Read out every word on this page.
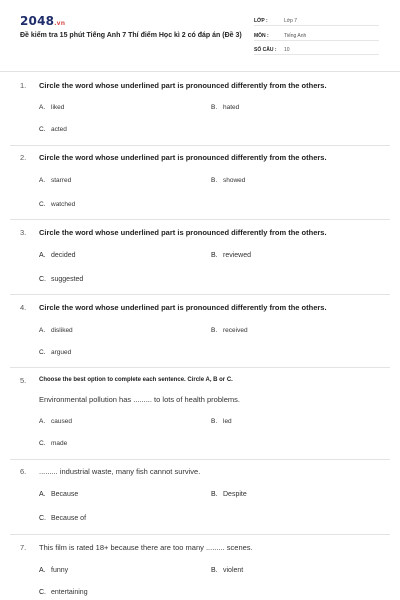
2048.vn
Đề kiểm tra 15 phút Tiếng Anh 7 Thí điểm Học kì 2 có đáp án (Đề 3)
LỚP :	Lớp 7
MÔN :	Tiếng Anh
SỐ CÂU : 10
1. Circle the word whose underlined part is pronounced differently from the others.
A. liked	B. hated
C. acted
2. Circle the word whose underlined part is pronounced differently from the others.
A. starred	B. showed
C. watched
3. Circle the word whose underlined part is pronounced differently from the others.
A. decided	B. reviewed
C. suggested
4. Circle the word whose underlined part is pronounced differently from the others.
A. disliked	B. received
C. argued
5. Choose the best option to complete each sentence. Circle A, B or C.
Environmental pollution has ......... to lots of health problems.
A. caused	B. led
C. made
6. ......... industrial waste, many fish cannot survive.
A. Because	B. Despite
C. Because of
7. This film is rated 18+ because there are too many ......... scenes.
A. funny	B. violent
C. entertaining
